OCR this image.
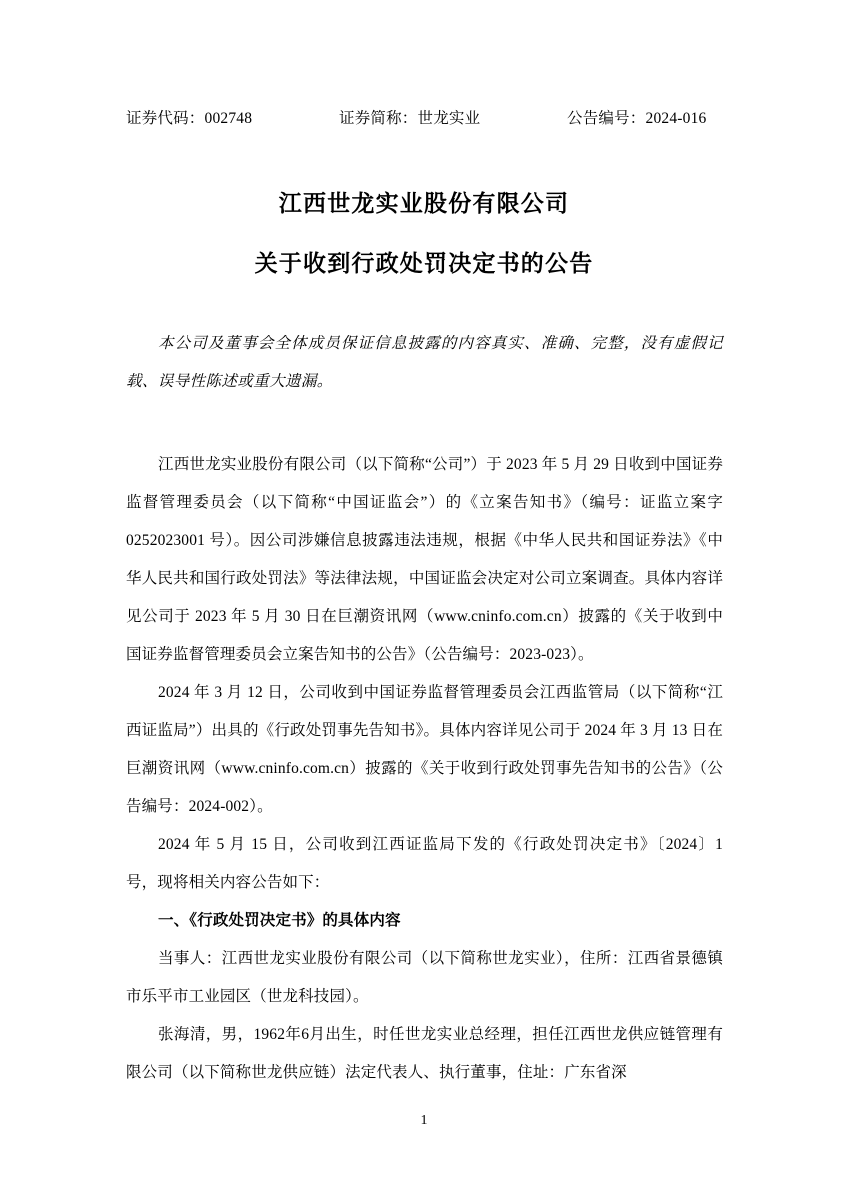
证券代码：002748	证券简称：世龙实业	公告编号：2024-016
江西世龙实业股份有限公司
关于收到行政处罚决定书的公告
本公司及董事会全体成员保证信息披露的内容真实、准确、完整，没有虚假记载、误导性陈述或重大遗漏。

江西世龙实业股份有限公司（以下简称“公司”）于 2023 年 5 月 29 日收到中国证券监督管理委员会（以下简称“中国证监会”）的《立案告知书》（编号：证监立案字 0252023001 号）。因公司涉嫌信息披露违法违规，根据《中华人民共和国证券法》《中华人民共和国行政处罚法》等法律法规，中国证监会决定对公司立案调查。具体内容详见公司于 2023 年 5 月 30 日在巨潮资讯网（www.cninfo.com.cn）披露的《关于收到中国证券监督管理委员会立案告知书的公告》（公告编号：2023-023）。

2024 年 3 月 12 日，公司收到中国证券监督管理委员会江西监管局（以下简称“江西证监局”）出具的《行政处罚事先告知书》。具体内容详见公司于 2024 年 3 月 13 日在巨潮资讯网（www.cninfo.com.cn）披露的《关于收到行政处罚事先告知书的公告》（公告编号：2024-002）。

2024 年 5 月 15 日，公司收到江西证监局下发的《行政处罚决定书》〔2024〕1 号，现将相关内容公告如下：

一、《行政处罚决定书》的具体内容

当事人：江西世龙实业股份有限公司（以下简称世龙实业），住所：江西省景德镇市乐平市工业园区（世龙科技园）。

张海清，男，1962年6月出生，时任世龙实业总经理，担任江西世龙供应链管理有限公司（以下简称世龙供应链）法定代表人、执行董事，住址：广东省深

1
